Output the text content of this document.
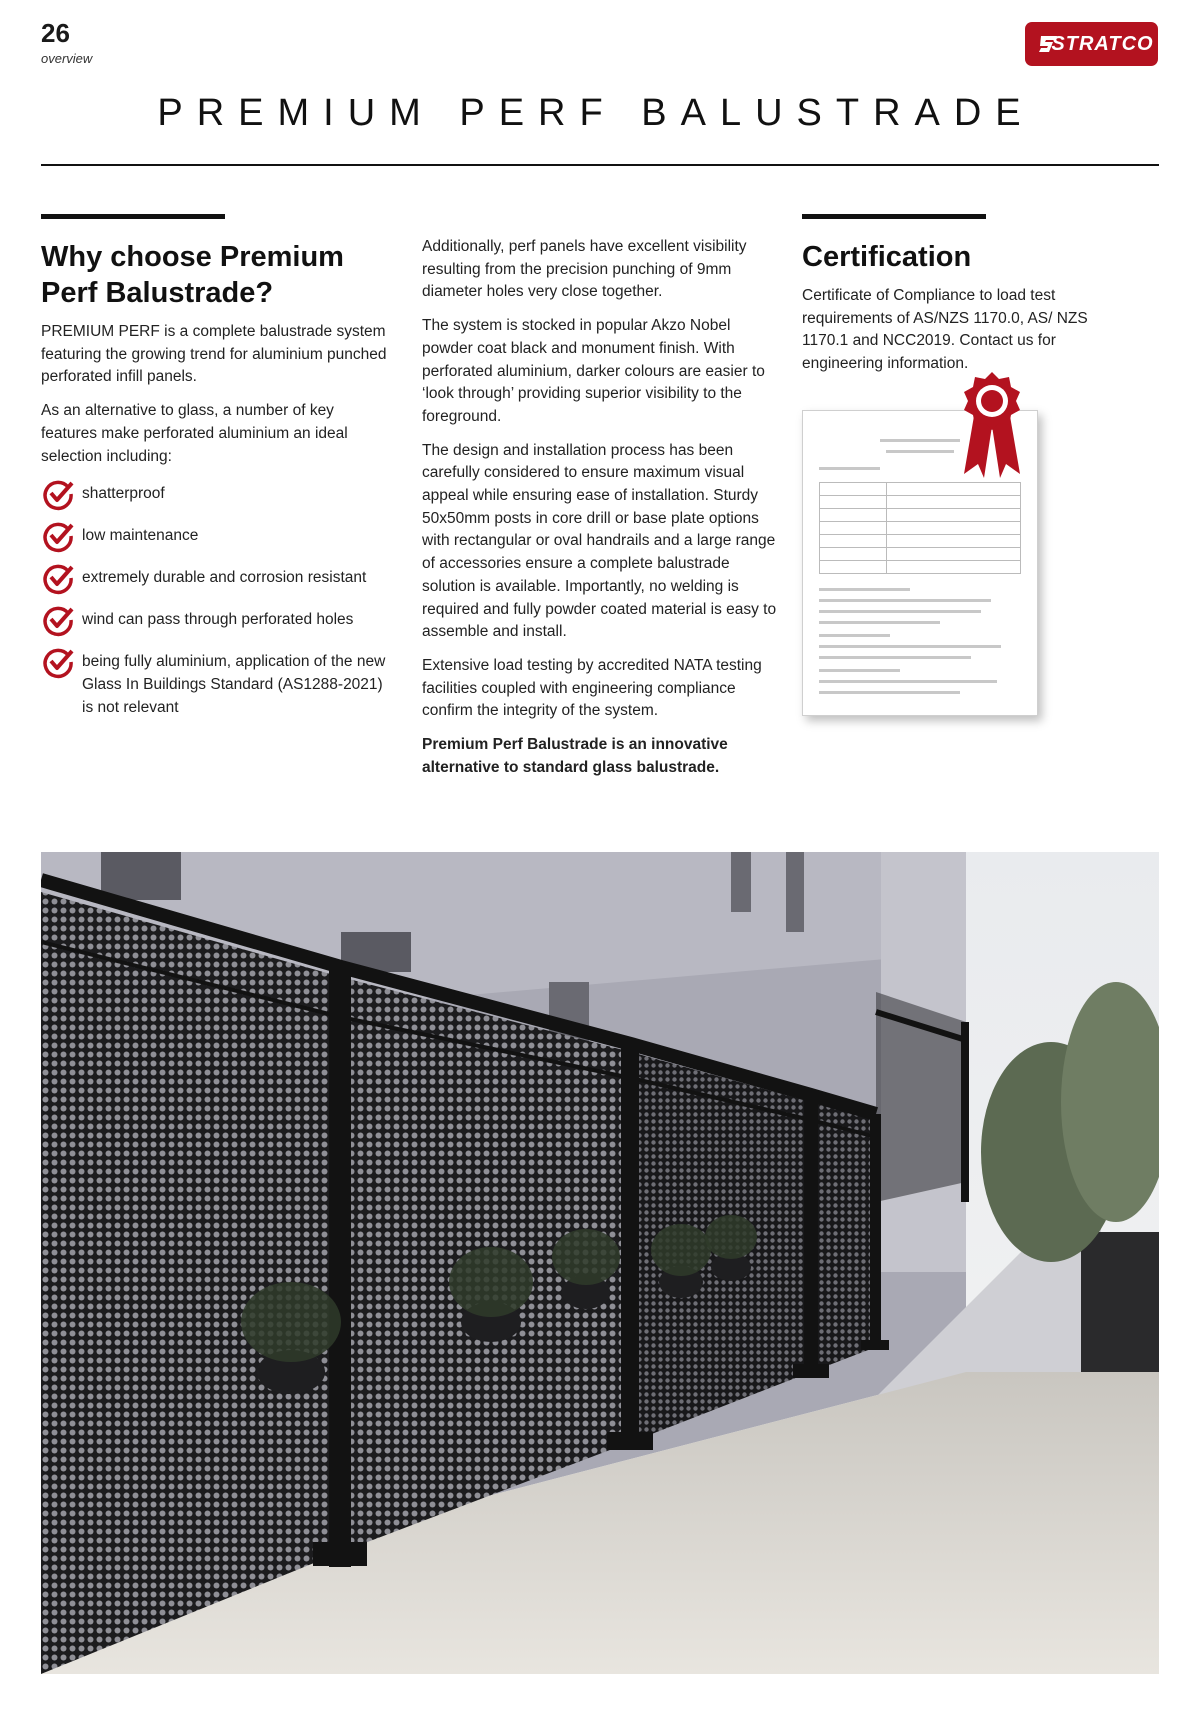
26
overview
STRATCO
PREMIUM PERF BALUSTRADE
Why choose Premium Perf Balustrade?

PREMIUM PERF is a complete balustrade system featuring the growing trend for aluminium punched perforated infill panels.

As an alternative to glass, a number of key features make perforated aluminium an ideal selection including:

shatterproof
low maintenance
extremely durable and corrosion resistant
wind can pass through perforated holes
being fully aluminium, application of the new Glass In Buildings Standard (AS1288-2021) is not relevant

Additionally, perf panels have excellent visibility resulting from the precision punching of 9mm diameter holes very close together.

The system is stocked in popular Akzo Nobel powder coat black and monument finish. With perforated aluminium, darker colours are easier to ‘look through’ providing superior visibility to the foreground.

The design and installation process has been carefully considered to ensure maximum visual appeal while ensuring ease of installation. Sturdy 50x50mm posts in core drill or base plate options with rectangular or oval handrails and a large range of accessories ensure a complete balustrade solution is available. Importantly, no welding is required and fully powder coated material is easy to assemble and install.

Extensive load testing by accredited NATA testing facilities coupled with engineering compliance confirm the integrity of the system.

Premium Perf Balustrade is an innovative alternative to standard glass balustrade.

Certification

Certificate of Compliance to load test requirements of AS/NZS 1170.0, AS/ NZS 1170.1 and NCC2019. Contact us for engineering information.
